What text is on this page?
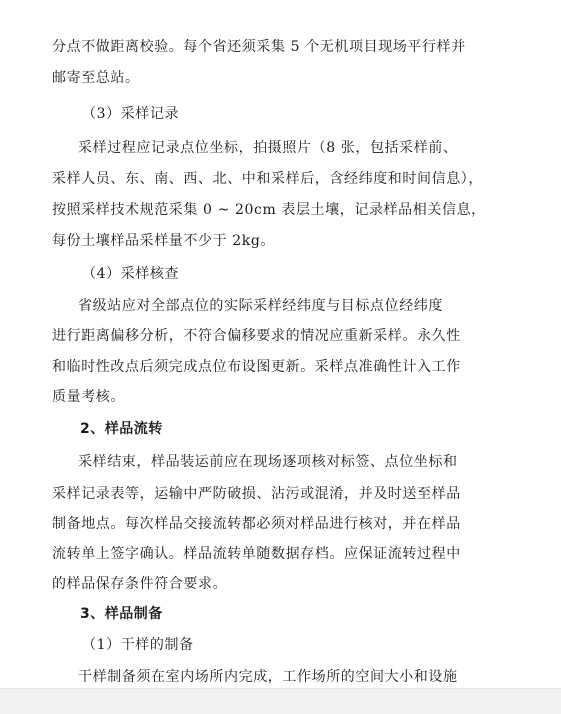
分点不做距离校验。每个省还须采集 5 个无机项目现场平行样并
邮寄至总站。
（3）采样记录
采样过程应记录点位坐标，拍摄照片（8 张，包括采样前、
采样人员、东、南、西、北、中和采样后，含经纬度和时间信息），
按照采样技术规范采集 0 ~ 20cm 表层土壤，记录样品相关信息，
每份土壤样品采样量不少于 2kg。
（4）采样核查
省级站应对全部点位的实际采样经纬度与目标点位经纬度
进行距离偏移分析，不符合偏移要求的情况应重新采样。永久性
和临时性改点后须完成点位布设图更新。采样点准确性计入工作
质量考核。
2、样品流转
采样结束，样品装运前应在现场逐项核对标签、点位坐标和
采样记录表等，运输中严防破损、沾污或混淆，并及时送至样品
制备地点。每次样品交接流转都必须对样品进行核对，并在样品
流转单上签字确认。样品流转单随数据存档。应保证流转过程中
的样品保存条件符合要求。
3、样品制备
（1）干样的制备
干样制备须在室内场所内完成，工作场所的空间大小和设施
